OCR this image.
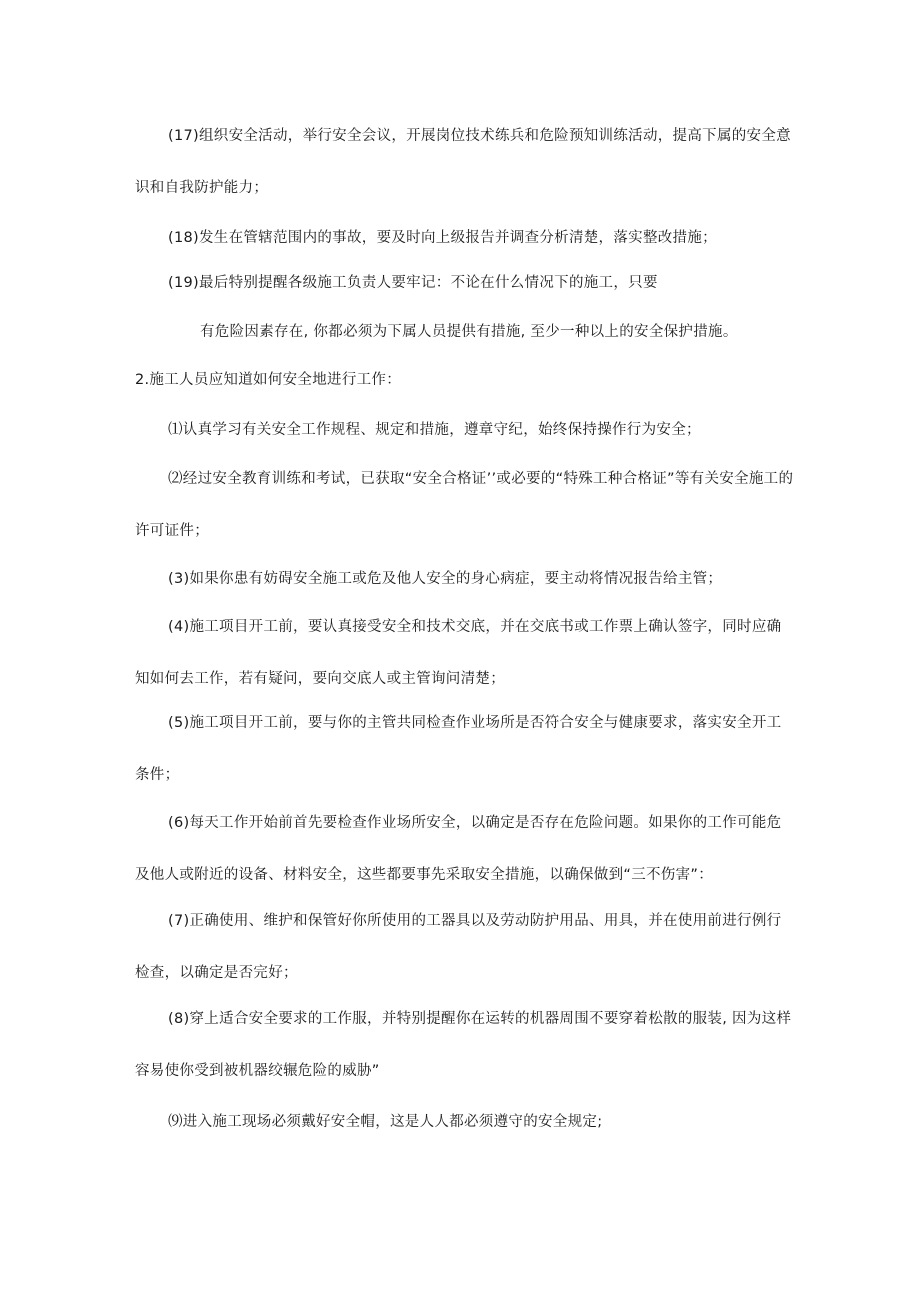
(17)组织安全活动，举行安全会议，开展岗位技术练兵和危险预知训练活动，提高下属的安全意识和自我防护能力；

(18)发生在管辖范围内的事故，要及时向上级报告并调查分析清楚，落实整改措施；

(19)最后特别提醒各级施工负责人要牢记：不论在什么情况下的施工，只要

有危险因素存在, 你都必须为下属人员提供有措施, 至少一种以上的安全保护措施。

2.施工人员应知道如何安全地进行工作：

⑴认真学习有关安全工作规程、规定和措施，遵章守纪，始终保持操作行为安全；

⑵经过安全教育训练和考试，已获取“安全合格证’’或必要的“特殊工种合格证”等有关安全施工的许可证件；

(3)如果你患有妨碍安全施工或危及他人安全的身心病症，要主动将情况报告给主管；

(4)施工项目开工前，要认真接受安全和技术交底，并在交底书或工作票上确认签字，同时应确知如何去工作，若有疑问，要向交底人或主管询问清楚；

(5)施工项目开工前，要与你的主管共同检查作业场所是否符合安全与健康要求，落实安全开工条件；

(6)每天工作开始前首先要检查作业场所安全，以确定是否存在危险问题。如果你的工作可能危及他人或附近的设备、材料安全，这些都要事先采取安全措施，以确保做到“三不伤害”：

(7)正确使用、维护和保管好你所使用的工器具以及劳动防护用品、用具，并在使用前进行例行检查，以确定是否完好；

(8)穿上适合安全要求的工作服，并特别提醒你在运转的机器周围不要穿着松散的服装, 因为这样容易使你受到被机器绞辗危险的威胁”

⑼进入施工现场必须戴好安全帽，这是人人都必须遵守的安全规定;
